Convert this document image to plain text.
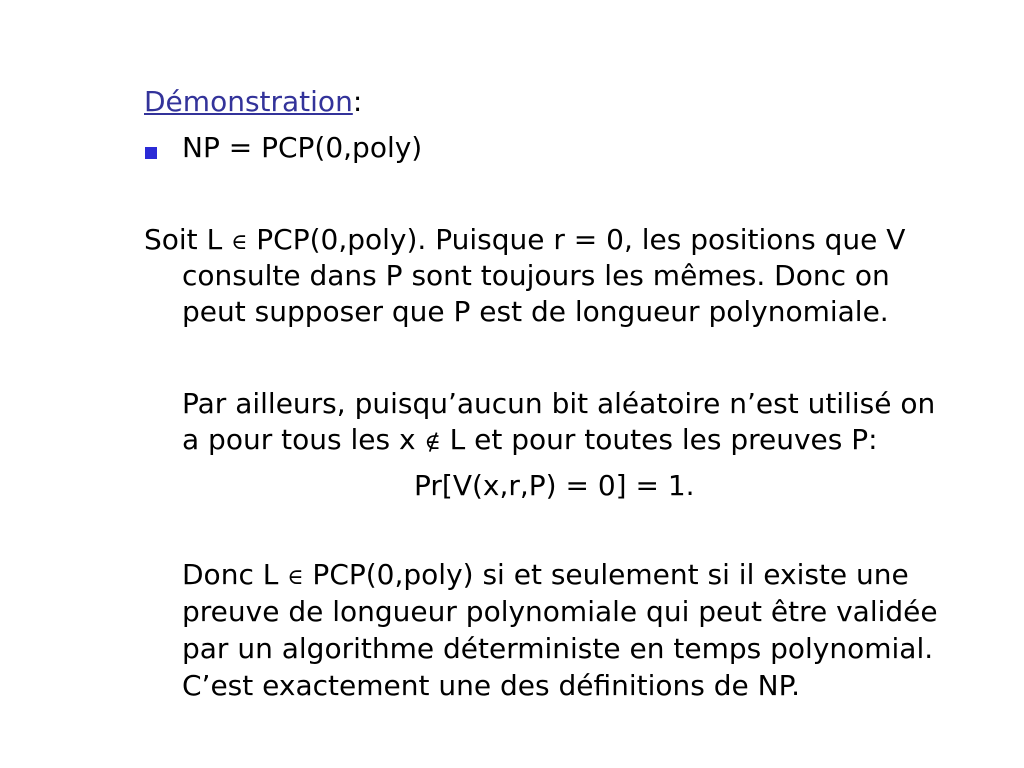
Démonstration:
NP = PCP(0,poly)
Soit L ∈ PCP(0,poly). Puisque r = 0, les positions que V
consulte dans P sont toujours les mêmes. Donc on
peut supposer que P est de longueur polynomiale.
Par ailleurs, puisqu’aucun bit aléatoire n’est utilisé on
a pour tous les x ∉ L et pour toutes les preuves P:
Pr[V(x,r,P) = 0] = 1.
Donc L ∈ PCP(0,poly) si et seulement si il existe une
preuve de longueur polynomiale qui peut être validée
par un algorithme déterministe en temps polynomial.
C’est exactement une des définitions de NP.
